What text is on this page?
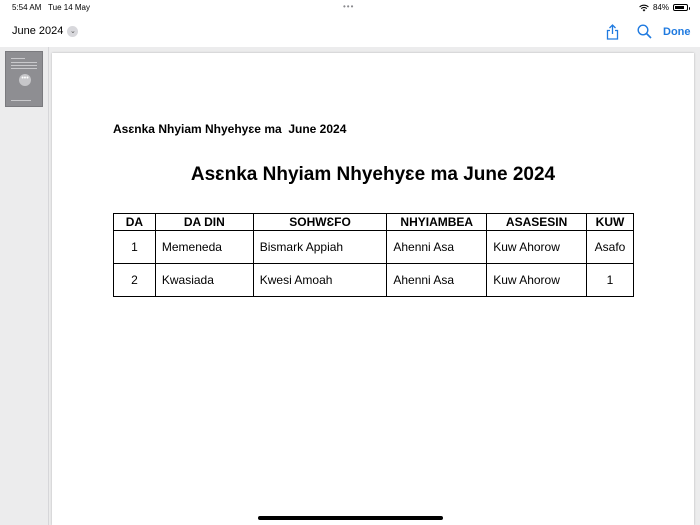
5:54 AM Tue 14 May	•••	84%
June 2024 ⌄	Done
•••
Asɛnka Nhyiam Nhyehyɛe ma  June 2024
Asɛnka Nhyiam Nhyehyɛe ma June 2024
DA	DA DIN	SOHWƐFO	NHYIAMBEA	ASASESIN	KUW
1	Memeneda	Bismark Appiah	Ahenni Asa	Kuw Ahorow	Asafo
2	Kwasiada	Kwesi Amoah	Ahenni Asa	Kuw Ahorow	1
